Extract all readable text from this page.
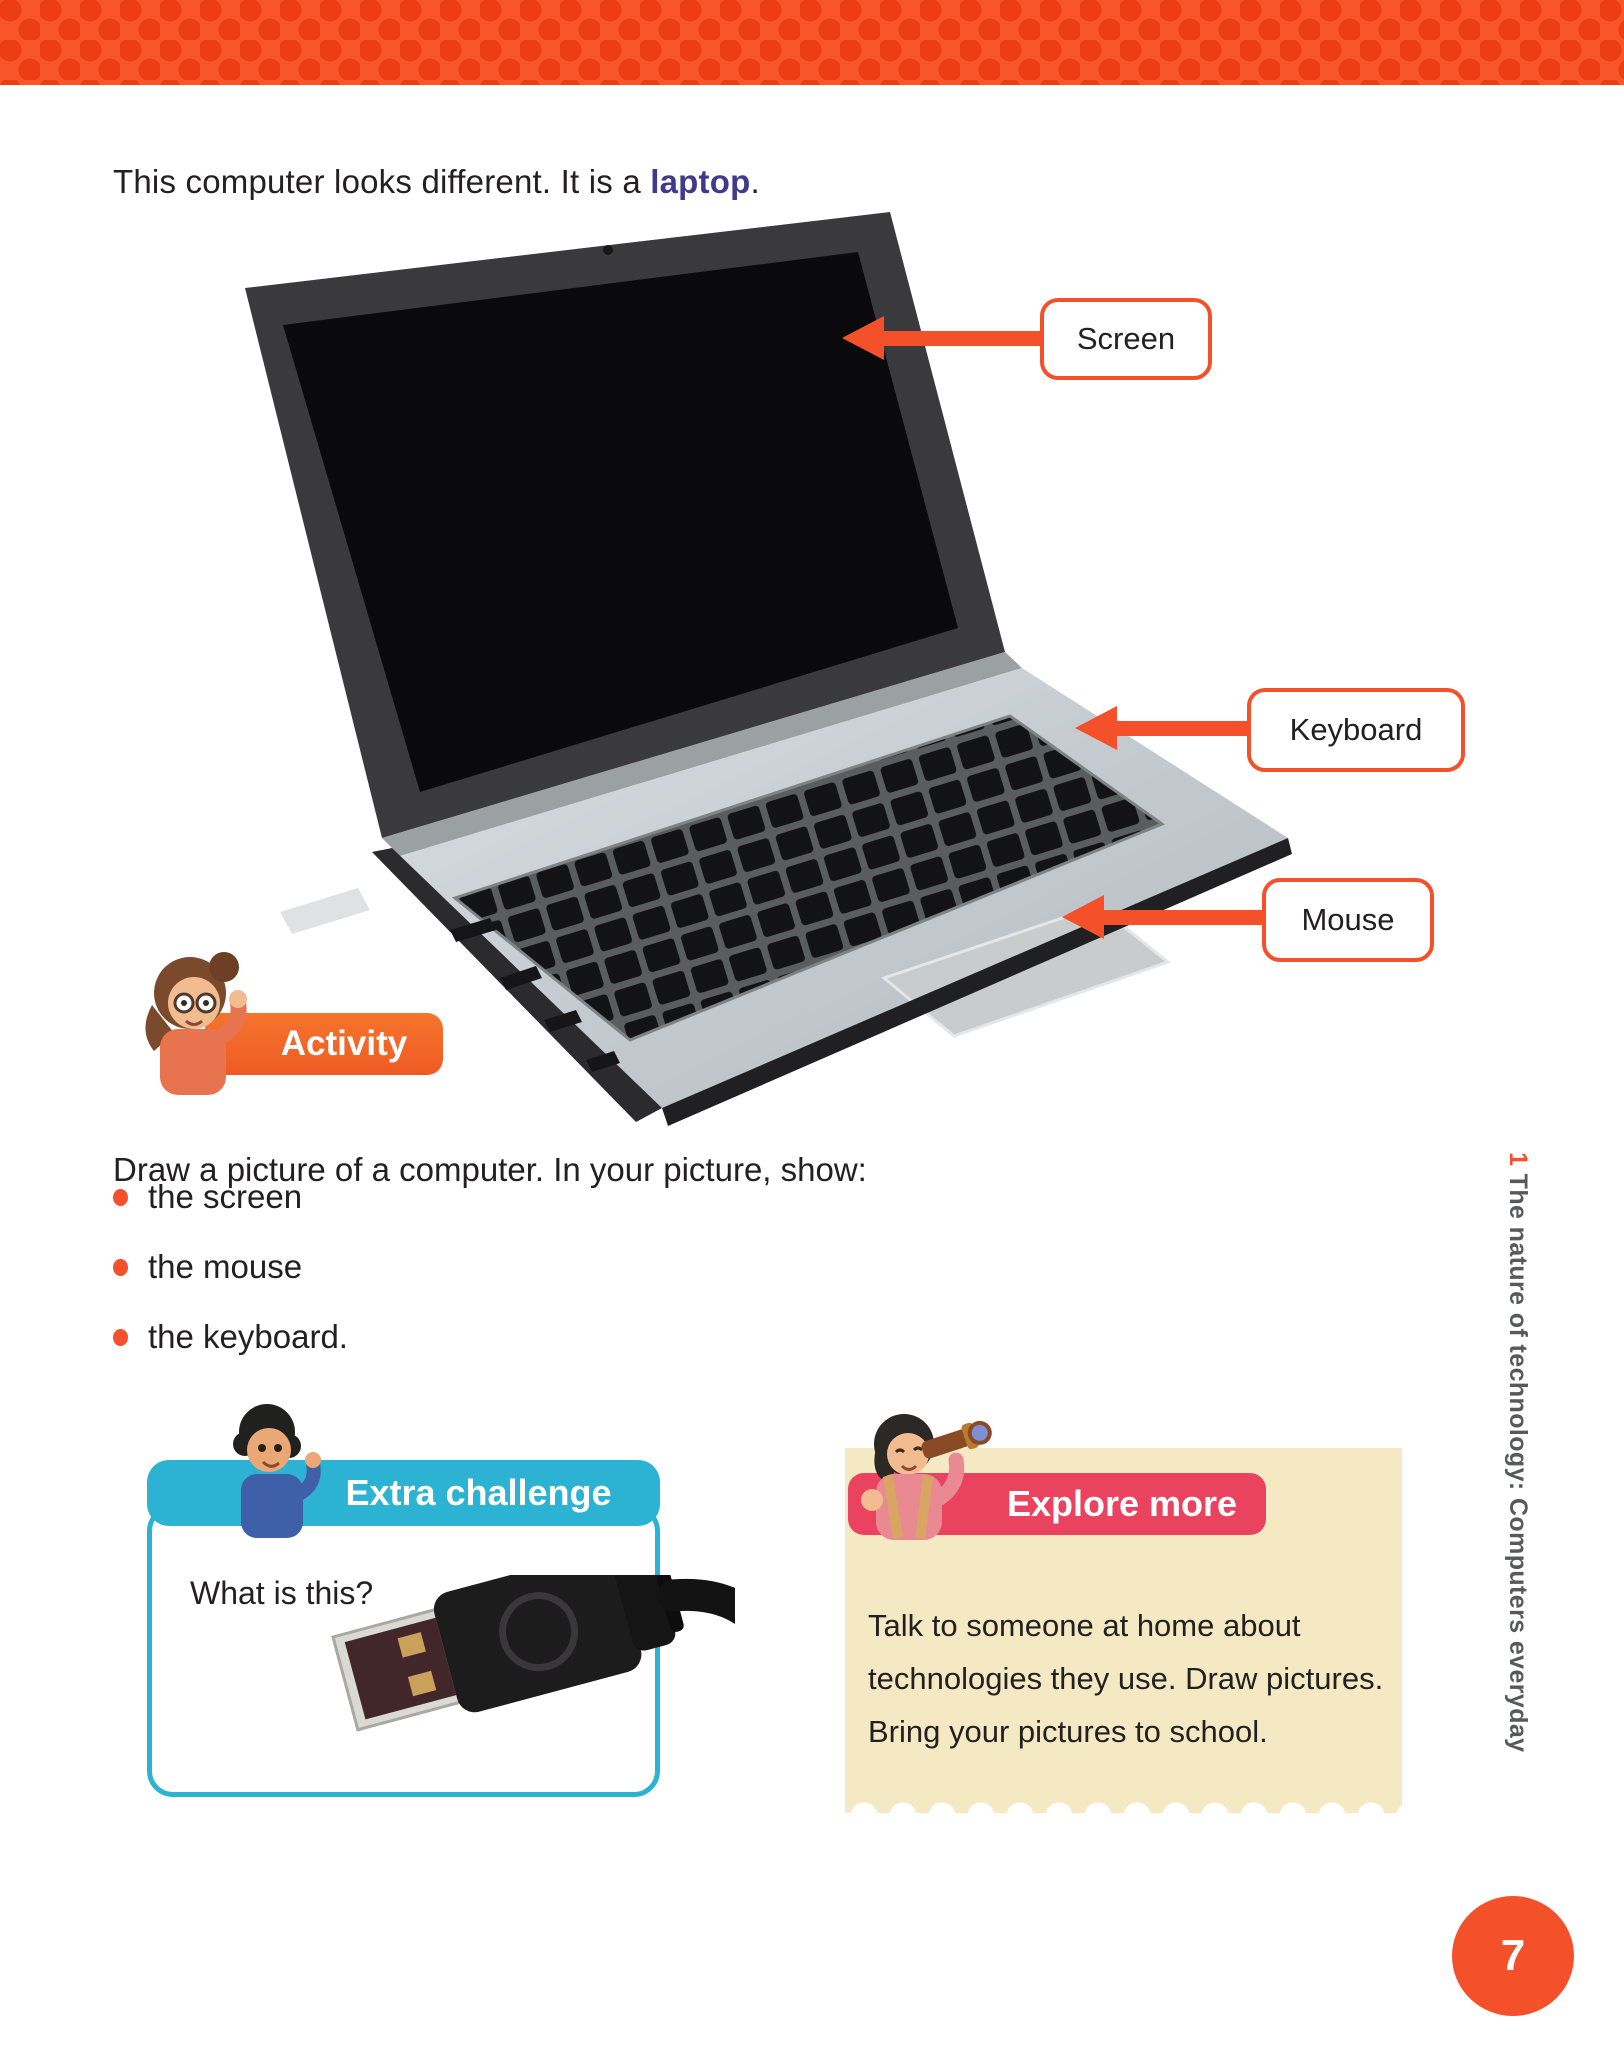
This computer looks different. It is a laptop.

Screen
Keyboard
Mouse
Activity

Draw a picture of a computer. In your picture, show:

the screen
the mouse
the keyboard.
Extra challenge

What is this?

Explore more

Talk to someone at home about technologies they use. Draw pictures. Bring your pictures to school.

1 The nature of technology: Computers everyday
7
